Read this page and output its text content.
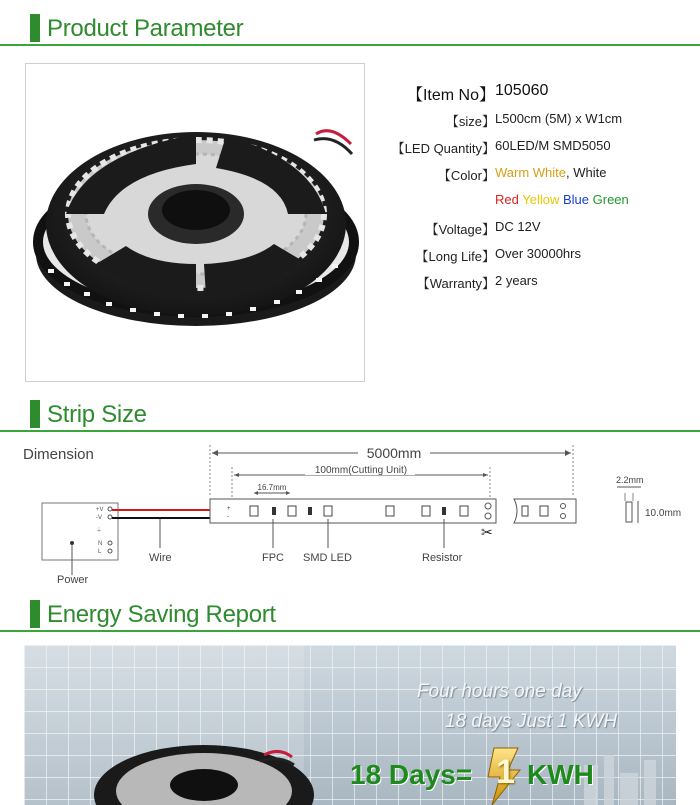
Product Parameter
【Item No】 105060
【size】 L500cm (5M) x W1cm
【LED Quantity】 60LED/M SMD5050
【Color】 Warm White, White
Red Yellow Blue Green
【Voltage】 DC 12V
【Long Life】 Over 30000hrs
【Warranty】 2 years
Strip Size
Dimension	5000mm
100mm(Cutting Unit)
16.7mm
+V
-V
⏚
N
L
Power
Wire
+
-
✂
FPC SMD LED	Resistor
2.2mm
10.0mm
Energy Saving Report
Four hours one day
18 days Just 1 KWH
18 Days= 1 KWH
